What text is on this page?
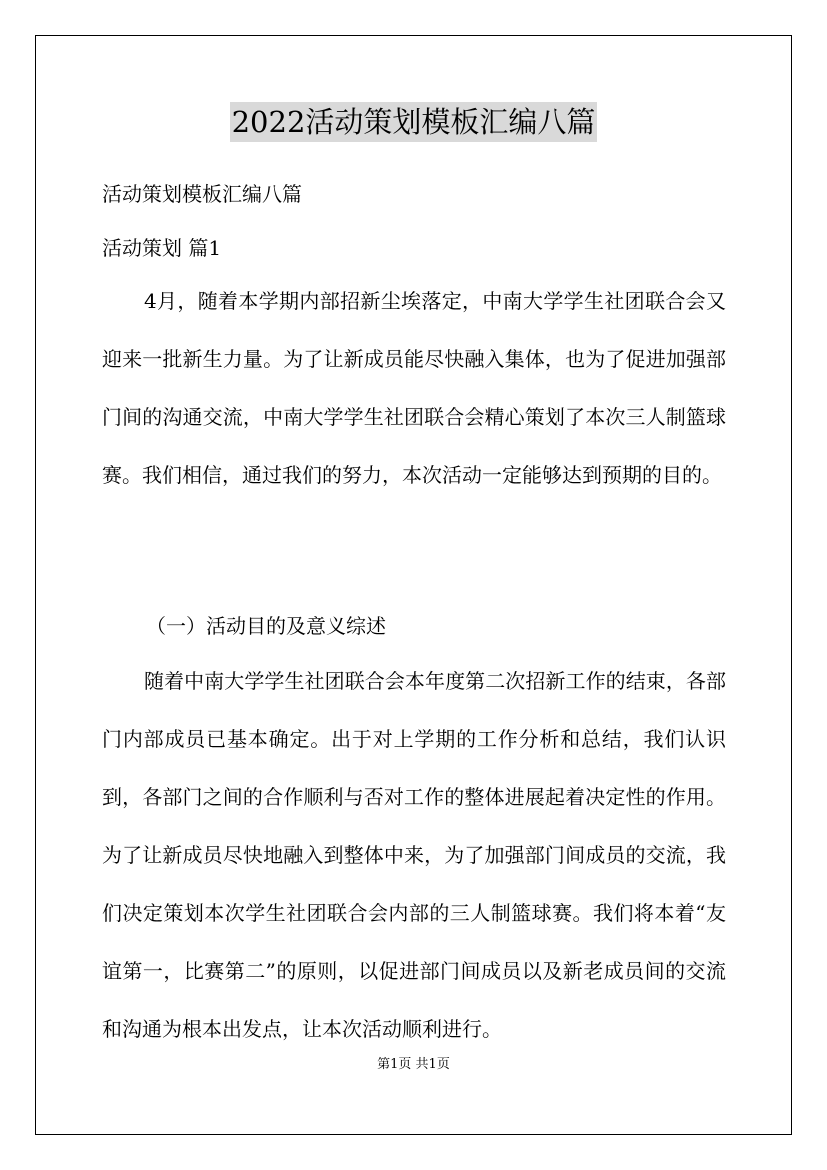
2022活动策划模板汇编八篇
活动策划模板汇编八篇
活动策划 篇1
4月，随着本学期内部招新尘埃落定，中南大学学生社团联合会又迎来一批新生力量。为了让新成员能尽快融入集体，也为了促进加强部门间的沟通交流，中南大学学生社团联合会精心策划了本次三人制篮球赛。我们相信，通过我们的努力，本次活动一定能够达到预期的目的。
（一）活动目的及意义综述
随着中南大学学生社团联合会本年度第二次招新工作的结束，各部门内部成员已基本确定。出于对上学期的工作分析和总结，我们认识到，各部门之间的合作顺利与否对工作的整体进展起着决定性的作用。为了让新成员尽快地融入到整体中来，为了加强部门间成员的交流，我们决定策划本次学生社团联合会内部的三人制篮球赛。我们将本着“友谊第一，比赛第二”的原则，以促进部门间成员以及新老成员间的交流和沟通为根本出发点，让本次活动顺利进行。
第1页 共1页
